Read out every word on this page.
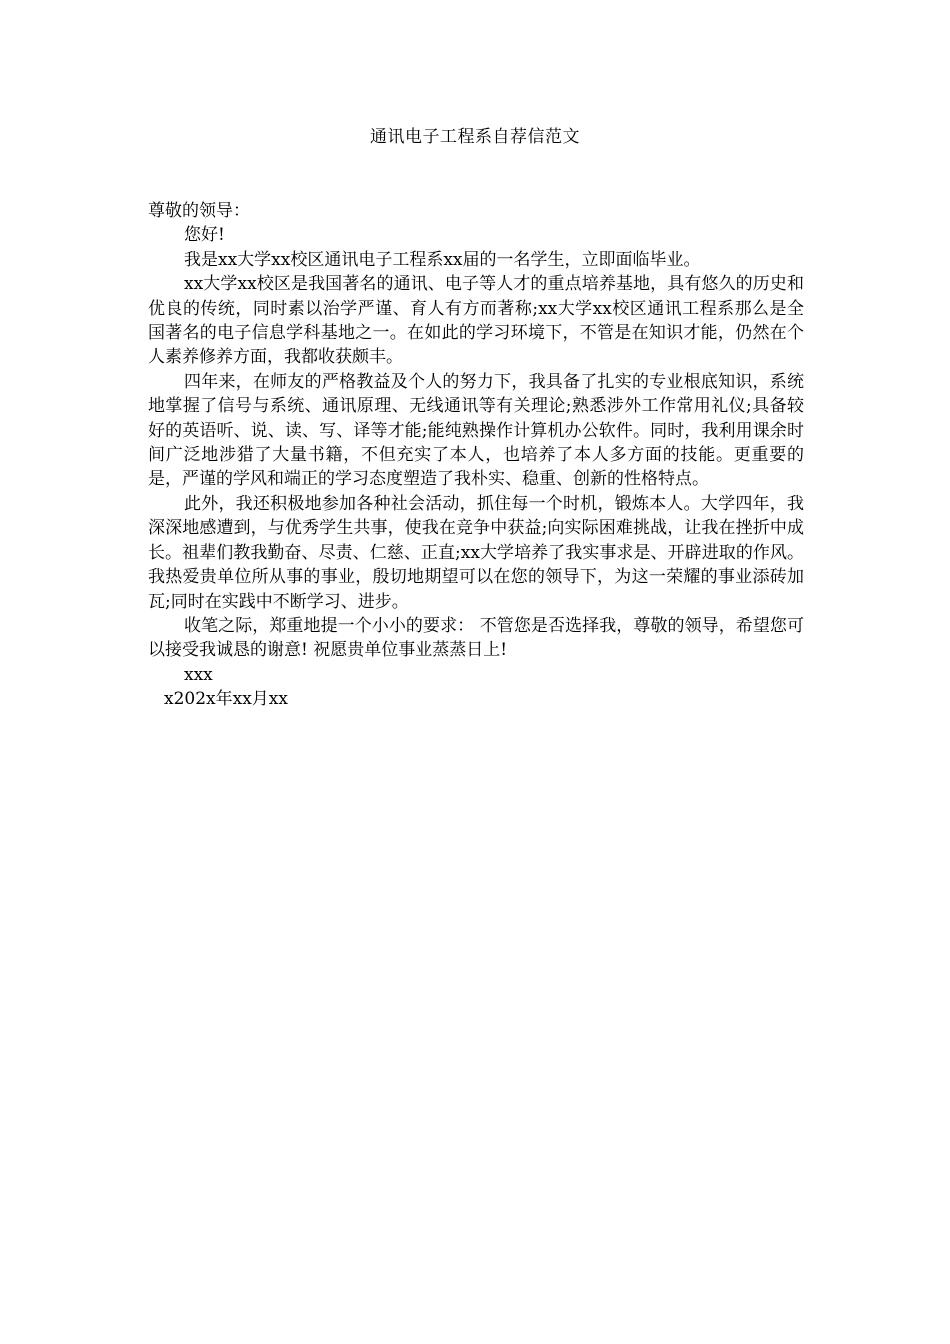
通讯电子工程系自荐信范文

尊敬的领导：

您好!

我是xx大学xx校区通讯电子工程系xx届的一名学生，立即面临毕业。

xx大学xx校区是我国著名的通讯、电子等人才的重点培养基地，具有悠久的历史和优良的传统，同时素以治学严谨、育人有方而著称;xx大学xx校区通讯工程系那么是全国著名的电子信息学科基地之一。在如此的学习环境下，不管是在知识才能，仍然在个人素养修养方面，我都收获颇丰。

四年来，在师友的严格教益及个人的努力下，我具备了扎实的专业根底知识，系统地掌握了信号与系统、通讯原理、无线通讯等有关理论;熟悉涉外工作常用礼仪;具备较好的英语听、说、读、写、译等才能;能纯熟操作计算机办公软件。同时，我利用课余时间广泛地涉猎了大量书籍，不但充实了本人，也培养了本人多方面的技能。更重要的是，严谨的学风和端正的学习态度塑造了我朴实、稳重、创新的性格特点。

此外，我还积极地参加各种社会活动，抓住每一个时机，锻炼本人。大学四年，我深深地感遭到，与优秀学生共事，使我在竞争中获益;向实际困难挑战，让我在挫折中成长。祖辈们教我勤奋、尽责、仁慈、正直;xx大学培养了我实事求是、开辟进取的作风。 我热爱贵单位所从事的事业，殷切地期望可以在您的领导下，为这一荣耀的事业添砖加瓦;同时在实践中不断学习、进步。

收笔之际，郑重地提一个小小的要求： 不管您是否选择我，尊敬的领导，希望您可以接受我诚恳的谢意! 祝愿贵单位事业蒸蒸日上!

xxx

x202x年xx月xx
